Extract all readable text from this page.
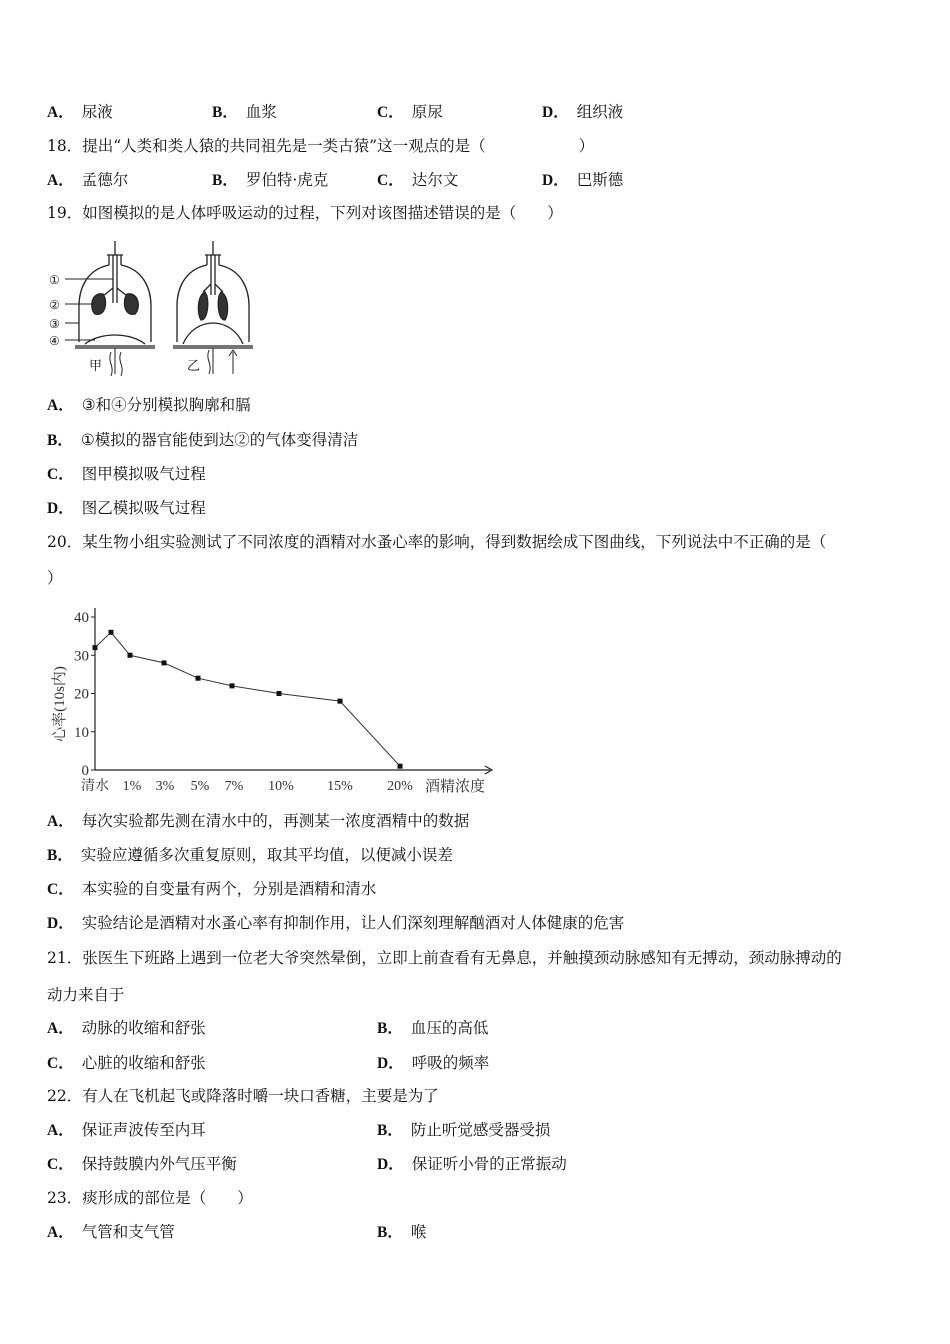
A． 尿液	B． 血浆	C． 原尿	D． 组织液
18．提出“人类和类人猿的共同祖先是一类古猿”这一观点的是（　　　　　　）
A． 孟德尔	B． 罗伯特·虎克	C． 达尔文	D． 巴斯德
19．如图模拟的是人体呼吸运动的过程，下列对该图描述错误的是（　　）
①
②
③
④
甲	乙
A． ③和④分别模拟胸廓和膈
B． ①模拟的器官能使到达②的气体变得清洁
C． 图甲模拟吸气过程
D． 图乙模拟吸气过程
20．某生物小组实验测试了不同浓度的酒精对水蚤心率的影响，得到数据绘成下图曲线，下列说法中不正确的是（
）
0
10
20
30
40
清水 1% 3% 5% 7% 10% 15% 20%
心率(10s内)
酒精浓度
A． 每次实验都先测在清水中的，再测某一浓度酒精中的数据
B． 实验应遵循多次重复原则，取其平均值，以便减小误差
C． 本实验的自变量有两个，分别是酒精和清水
D． 实验结论是酒精对水蚤心率有抑制作用，让人们深刻理解酗酒对人体健康的危害
21．张医生下班路上遇到一位老大爷突然晕倒，立即上前查看有无鼻息，并触摸颈动脉感知有无搏动，颈动脉搏动的
动力来自于
A． 动脉的收缩和舒张	B． 血压的高低
C． 心脏的收缩和舒张	D． 呼吸的频率
22．有人在飞机起飞或降落时嚼一块口香糖，主要是为了
A． 保证声波传至内耳	B． 防止听觉感受器受损
C． 保持鼓膜内外气压平衡	D． 保证听小骨的正常振动
23．痰形成的部位是（　　）
A． 气管和支气管	B． 喉
